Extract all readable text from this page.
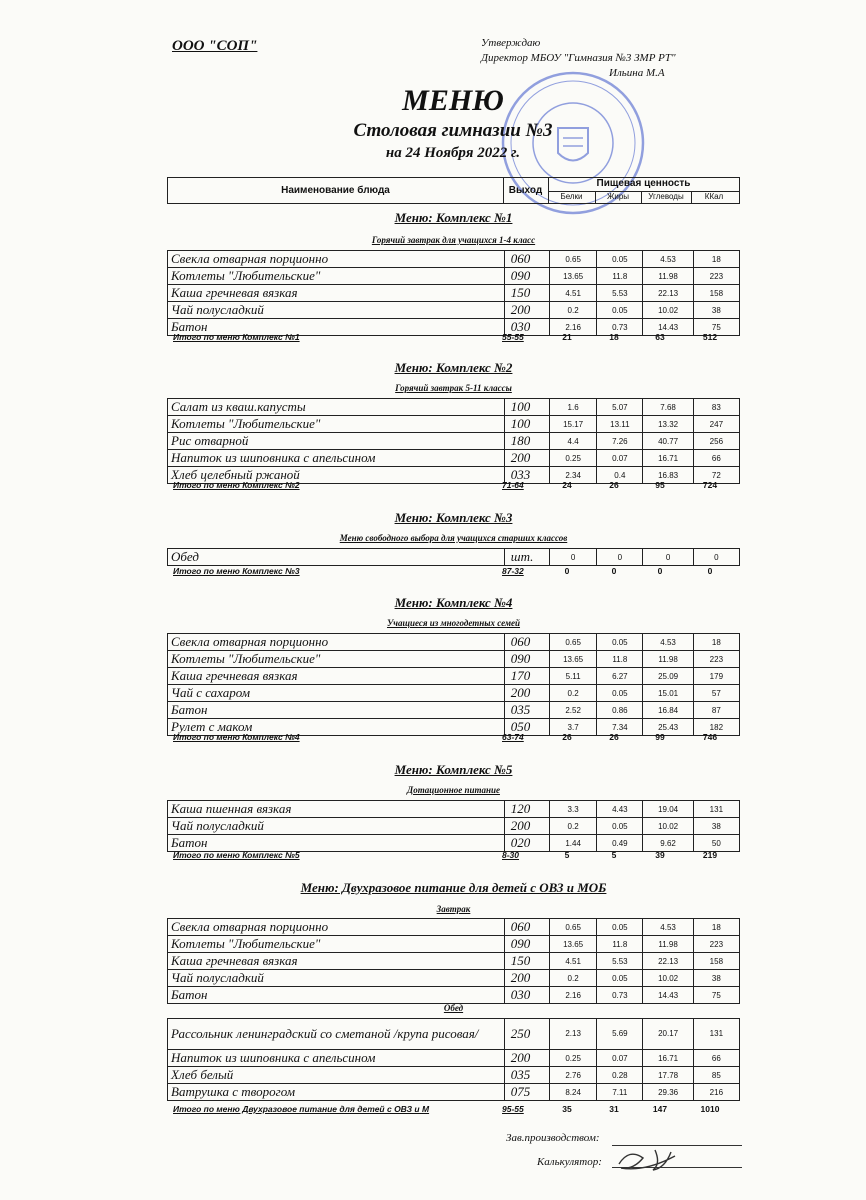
ООО "СОП"	Утверждаю
Директор МБОУ "Гимназия №3 ЗМР РТ"
Ильина М.А
МЕНЮ
Столовая гимназии №3
на 24 Ноября 2022 г.
Наименование блюда	Выход
Пищевая ценность
Белки	Жиры	Углеводы	ККал
Меню: Комплекс №1
Горячий завтрак для учащихся 1-4 класс
Свекла отварная порционно	060	0.65	0.05	4.53	18
Котлеты "Любительские"	090	13.65	11.8	11.98	223
Каша гречневая вязкая	150	4.51	5.53	22.13	158
Чай полусладкий	200	0.2	0.05	10.02	38
Батон	030	2.16	0.73	14.43	75
Итого по меню Комплекс №1	55-55	21	18	63	512
Меню: Комплекс №2
Горячий завтрак 5-11 классы
Салат из кваш.капусты	100	1.6	5.07	7.68	83
Котлеты "Любительские"	100	15.17	13.11	13.32	247
Рис отварной	180	4.4	7.26	40.77	256
Напиток из шиповника с апельсином	200	0.25	0.07	16.71	66
Хлеб целебный ржаной	033	2.34	0.4	16.83	72
Итого по меню Комплекс №2	71-64	24	26	95	724
Меню: Комплекс №3
Меню свободного выбора для учащихся старших классов
Обед	шт.	0	0	0	0
Итого по меню Комплекс №3	87-32	0	0	0	0
Меню: Комплекс №4
Учащиеся из многодетных семей
Свекла отварная порционно	060	0.65	0.05	4.53	18
Котлеты "Любительские"	090	13.65	11.8	11.98	223
Каша гречневая вязкая	170	5.11	6.27	25.09	179
Чай с сахаром	200	0.2	0.05	15.01	57
Батон	035	2.52	0.86	16.84	87
Рулет с маком	050	3.7	7.34	25.43	182
Итого по меню Комплекс №4	63-74	26	26	99	746
Меню: Комплекс №5
Дотационное питание
Каша пшенная вязкая	120	3.3	4.43	19.04	131
Чай полусладкий	200	0.2	0.05	10.02	38
Батон	020	1.44	0.49	9.62	50
Итого по меню Комплекс №5	8-30	5	5	39	219
Меню: Двухразовое питание для детей с ОВЗ и МОБ
Завтрак
Свекла отварная порционно	060	0.65	0.05	4.53	18
Котлеты "Любительские"	090	13.65	11.8	11.98	223
Каша гречневая вязкая	150	4.51	5.53	22.13	158
Чай полусладкий	200	0.2	0.05	10.02	38
Батон	030	2.16	0.73	14.43	75
Обед
Рассольник ленинградский со сметаной /крупа рисовая/	250	2.13	5.69	20.17	131
Напиток из шиповника с апельсином	200	0.25	0.07	16.71	66
Хлеб белый	035	2.76	0.28	17.78	85
Ватрушка с творогом	075	8.24	7.11	29.36	216
Итого по меню Двухразовое питание для детей с ОВЗ и М	95-55	35	31	147	1010
Зав.производством:
Калькулятор:
